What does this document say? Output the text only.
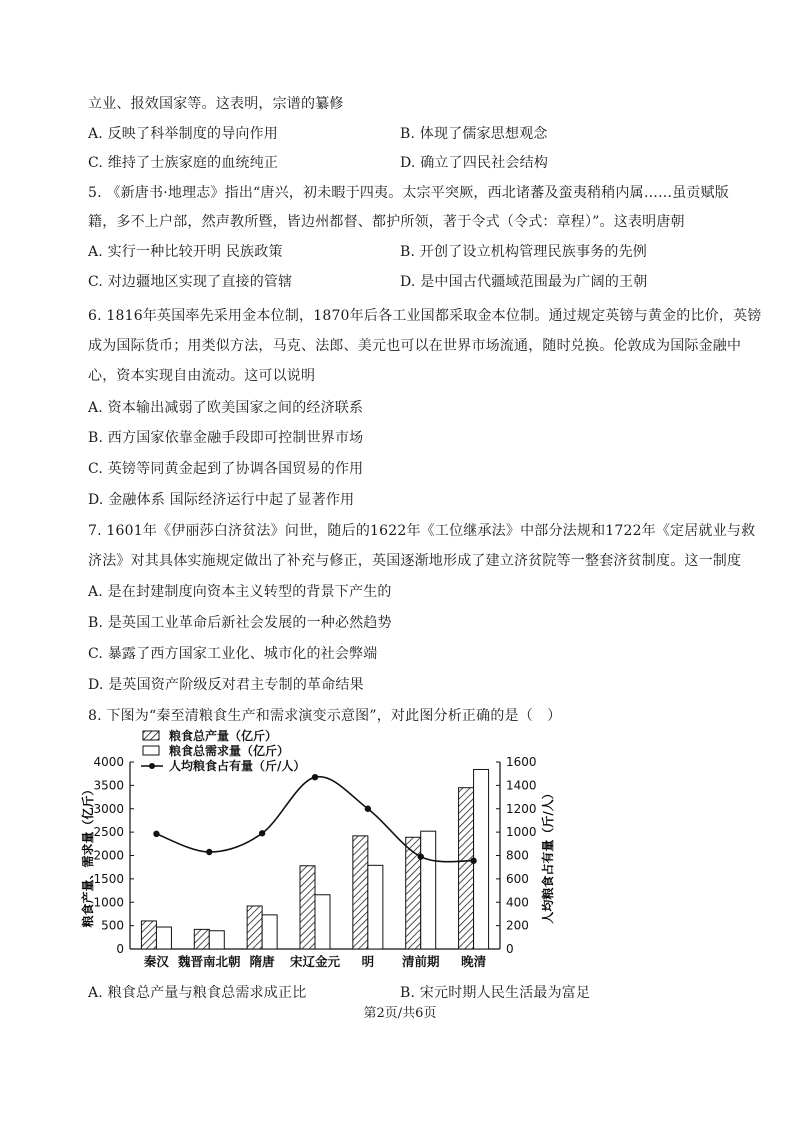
立业、报效国家等。这表明，宗谱的纂修
A. 反映了科举制度的导向作用	B. 体现了儒家思想观念
C. 维持了士族家庭的血统纯正	D. 确立了四民社会结构
5. 《新唐书·地理志》指出“唐兴，初未暇于四夷。太宗平突厥，西北诸蕃及蛮夷稍稍内属……虽贡赋版
籍，多不上户部，然声教所暨，皆边州都督、都护所领，著于令式（令式：章程）”。这表明唐朝
A. 实行一种比较开明 民族政策	B. 开创了设立机构管理民族事务的先例
C. 对边疆地区实现了直接的管辖	D. 是中国古代疆域范围最为广阔的王朝
6. 1816年英国率先采用金本位制，1870年后各工业国都采取金本位制。通过规定英镑与黄金的比价，英镑
成为国际货币；用类似方法，马克、法郎、美元也可以在世界市场流通，随时兑换。伦敦成为国际金融中
心，资本实现自由流动。这可以说明
A. 资本输出减弱了欧美国家之间的经济联系
B. 西方国家依靠金融手段即可控制世界市场
C. 英镑等同黄金起到了协调各国贸易的作用
D. 金融体系 国际经济运行中起了显著作用
7. 1601年《伊丽莎白济贫法》问世，随后的1622年《工位继承法》中部分法规和1722年《定居就业与救
济法》对其具体实施规定做出了补充与修正，英国逐渐地形成了建立济贫院等一整套济贫制度。这一制度
A. 是在封建制度向资本主义转型的背景下产生的
B. 是英国工业革命后新社会发展的一种必然趋势
C. 暴露了西方国家工业化、城市化的社会弊端
D. 是英国资产阶级反对君主专制的革命结果
8. 下图为“秦至清粮食生产和需求演变示意图”，对此图分析正确的是（　）
0
500
1000
1500
2000
2500
3000
3500
4000
0
200
400
600
800
1000
1200
1400
1600
秦汉 魏晋南北朝 隋唐 宋辽金元 明 清前期 晚清
粮食总产量（亿斤）
粮食总需求量（亿斤）
人均粮食占有量（斤/人）
粮食产量、需求量（亿斤）	人均粮食占有量（斤/人）
A. 粮食总产量与粮食总需求成正比	B. 宋元时期人民生活最为富足
第2页/共6页
